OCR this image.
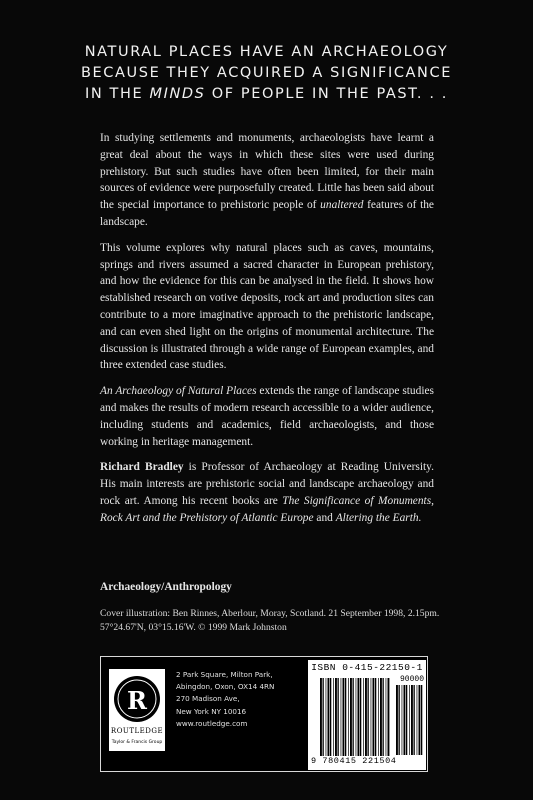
NATURAL PLACES HAVE AN ARCHAEOLOGY
BECAUSE THEY ACQUIRED A SIGNIFICANCE
IN THE MINDS OF PEOPLE IN THE PAST. . .

In studying settlements and monuments, archaeologists have learnt a great deal about the ways in which these sites were used during prehistory. But such studies have often been limited, for their main sources of evidence were purposefully created. Little has been said about the special importance to prehistoric people of unaltered features of the landscape.

This volume explores why natural places such as caves, mountains, springs and rivers assumed a sacred character in European prehistory, and how the evidence for this can be analysed in the field. It shows how established research on votive deposits, rock art and production sites can contribute to a more imaginative approach to the prehistoric landscape, and can even shed light on the origins of monumental architecture. The discussion is illustrated through a wide range of European examples, and three extended case studies.

An Archaeology of Natural Places extends the range of landscape studies and makes the results of modern research accessible to a wider audience, including students and academics, field archaeologists, and those working in heritage management.

Richard Bradley is Professor of Archaeology at Reading University. His main interests are prehistoric social and landscape archaeology and rock art. Among his recent books are The Significance of Monuments, Rock Art and the Prehistory of Atlantic Europe and Altering the Earth.

Archaeology/Anthropology
Cover illustration: Ben Rinnes, Aberlour, Moray, Scotland. 21 September 1998, 2.15pm.
57°24.67'N, 03°15.16'W. © 1999 Mark Johnston
R
ROUTLEDGE
Taylor & Francis Group
2 Park Square, Milton Park,
Abingdon, Oxon, OX14 4RN
270 Madison Ave,
New York NY 10016
www.routledge.com
ISBN 0-415-22150-1
90000
9 780415 221504
